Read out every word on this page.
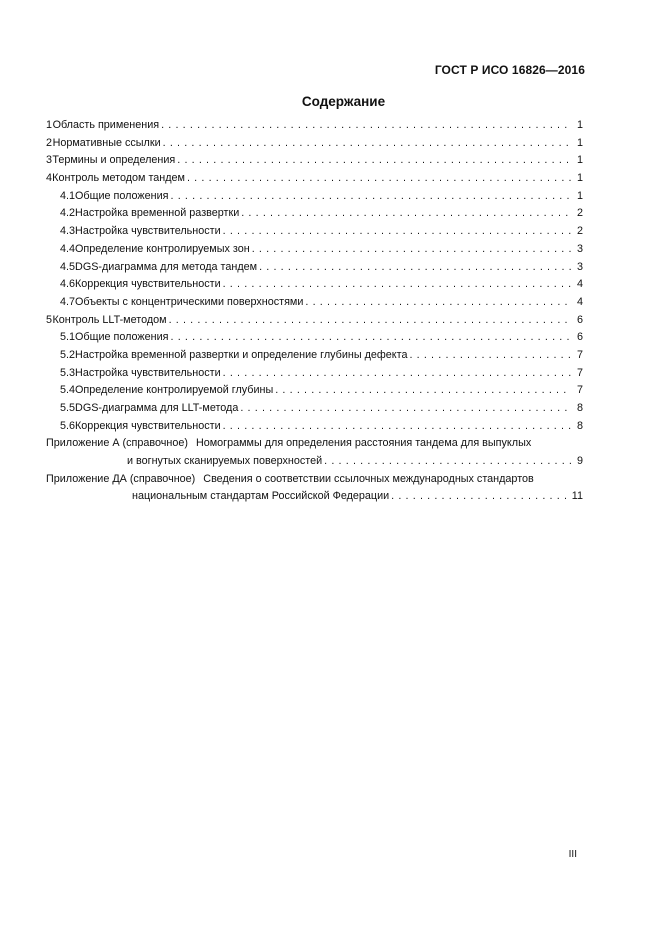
ГОСТ Р ИСО 16826—2016
Содержание
1 Область применения . . .	1
2 Нормативные ссылки . . .	1
3 Термины и определения . . .	1
4 Контроль методом тандем . . .	1
4.1 Общие положения . . .	1
4.2 Настройка временной развертки . . .	2
4.3 Настройка чувствительности . . .	2
4.4 Определение контролируемых зон . . .	3
4.5 DGS-диаграмма для метода тандем . . .	3
4.6 Коррекция чувствительности . . .	4
4.7 Объекты с концентрическими поверхностями . . .	4
5 Контроль LLT-методом . . .	6
5.1 Общие положения . . .	6
5.2 Настройка временной развертки и определение глубины дефекта . . .	7
5.3 Настройка чувствительности . . .	7
5.4 Определение контролируемой глубины . . .	7
5.5 DGS-диаграмма для LLT-метода . . .	8
5.6 Коррекция чувствительности . . .	8
Приложение А (справочное) Номограммы для определения расстояния тандема для выпуклых
и вогнутых сканируемых поверхностей . . .	9
Приложение ДА (справочное) Сведения о соответствии ссылочных международных стандартов
национальным стандартам Российской Федерации . . .	11
III
